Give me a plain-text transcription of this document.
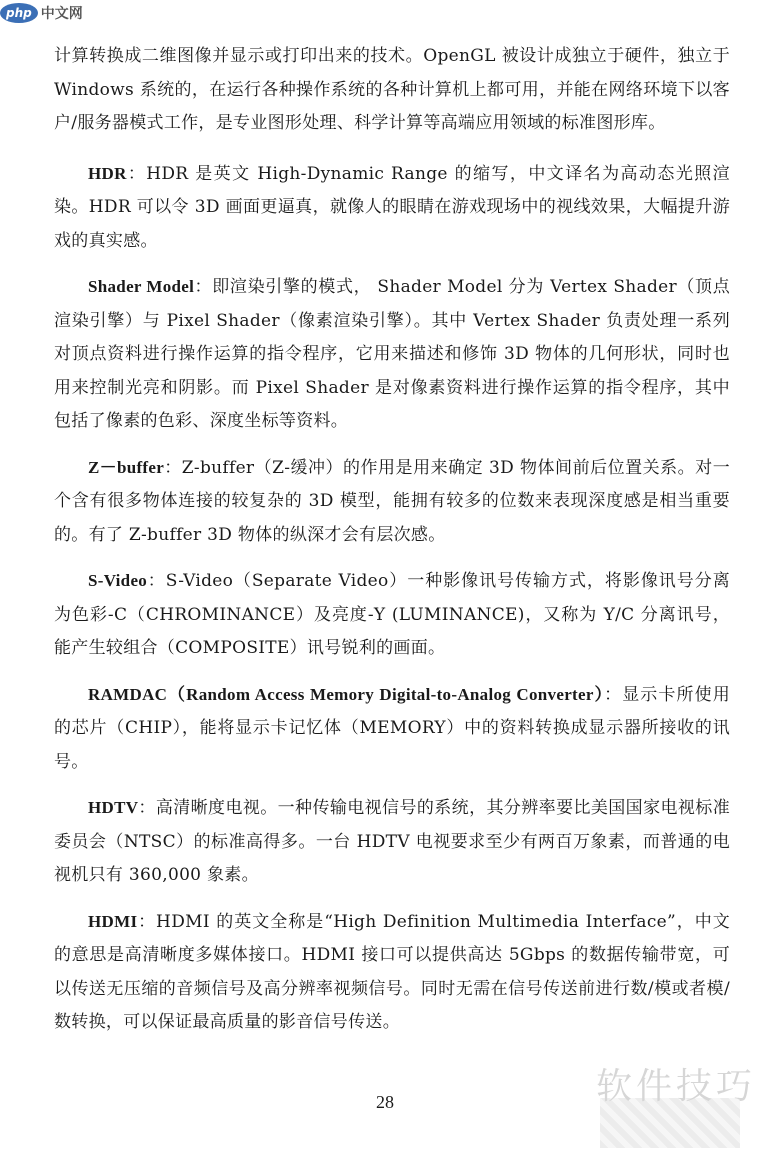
php 中文网

计算转换成二维图像并显示或打印出来的技术。OpenGL 被设计成独立于硬件，独立于 Windows 系统的，在运行各种操作系统的各种计算机上都可用，并能在网络环境下以客户/服务器模式工作，是专业图形处理、科学计算等高端应用领域的标准图形库。

HDR：HDR 是英文 High-Dynamic Range 的缩写，中文译名为高动态光照渲染。HDR 可以令 3D 画面更逼真，就像人的眼睛在游戏现场中的视线效果，大幅提升游戏的真实感。

Shader Model：即渲染引擎的模式， Shader Model 分为 Vertex Shader（顶点渲染引擎）与 Pixel Shader（像素渲染引擎）。其中 Vertex Shader 负责处理一系列对顶点资料进行操作运算的指令程序，它用来描述和修饰 3D 物体的几何形状，同时也用来控制光亮和阴影。而 Pixel Shader 是对像素资料进行操作运算的指令程序，其中包括了像素的色彩、深度坐标等资料。

Z－buffer：Z-buffer（Z-缓冲）的作用是用来确定 3D 物体间前后位置关系。对一个含有很多物体连接的较复杂的 3D 模型，能拥有较多的位数来表现深度感是相当重要的。有了 Z-buffer 3D 物体的纵深才会有层次感。

S-Video：S-Video（Separate Video）一种影像讯号传输方式，将影像讯号分离为色彩-C（CHROMINANCE）及亮度-Y (LUMINANCE)，又称为 Y/C 分离讯号，能产生较组合（COMPOSITE）讯号锐利的画面。

RAMDAC（Random Access Memory Digital-to-Analog Converter）：显示卡所使用的芯片（CHIP），能将显示卡记忆体（MEMORY）中的资料转换成显示器所接收的讯号。

HDTV：高清晰度电视。一种传输电视信号的系统，其分辨率要比美国国家电视标准委员会（NTSC）的标准高得多。一台 HDTV 电视要求至少有两百万象素，而普通的电视机只有 360,000 象素。

HDMI：HDMI 的英文全称是“High Definition Multimedia Interface”，中文的意思是高清晰度多媒体接口。HDMI 接口可以提供高达 5Gbps 的数据传输带宽，可以传送无压缩的音频信号及高分辨率视频信号。同时无需在信号传送前进行数/模或者模/数转换，可以保证最高质量的影音信号传送。

28	软件技巧
